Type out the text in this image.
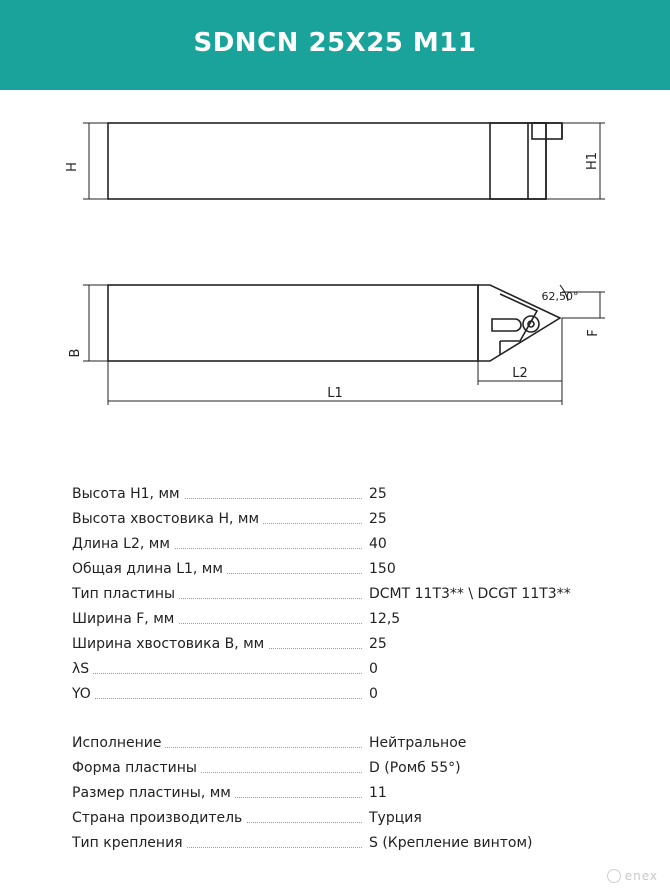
SDNCN 25X25 M11
H	H1
B
F
L1
L2
62,50°
Высота H1, мм	25
Высота хвостовика H, мм	25
Длина L2, мм	40
Общая длина L1, мм	150
Тип пластины	DCMT 11T3** \ DCGT 11T3**
Ширина F, мм	12,5
Ширина хвостовика B, мм	25
λS	0
YO	0
Исполнение	Нейтральное
Форма пластины	D (Ромб 55°)
Размер пластины, мм	11
Страна производитель	Турция
Тип крепления	S (Крепление винтом)
enex
